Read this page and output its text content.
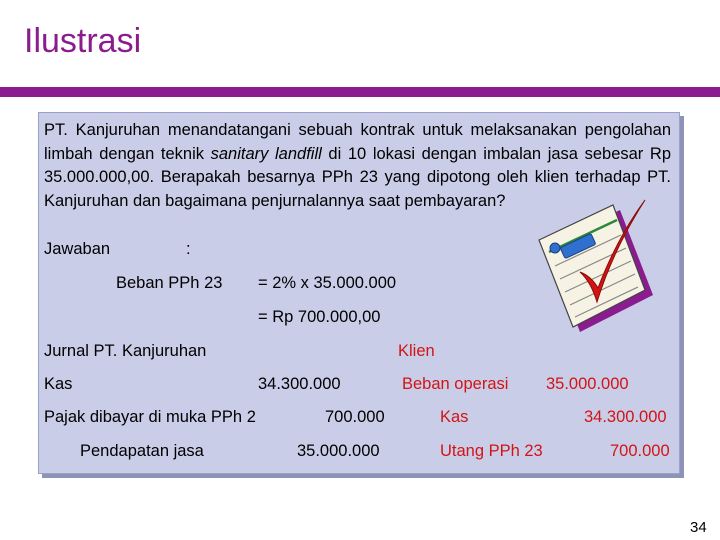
Ilustrasi
PT. Kanjuruhan menandatangani sebuah kontrak untuk melaksanakan pengolahan limbah dengan teknik sanitary landfill di 10 lokasi dengan imbalan jasa sebesar Rp 35.000.000,00. Berapakah besarnya PPh 23 yang dipotong oleh klien terhadap PT. Kanjuruhan dan bagaimana penjurnalannya saat pembayaran?
Jawaban	:
Beban PPh 23 = 2% x 35.000.000
= Rp 700.000,00
Jurnal PT. Kanjuruhan	Klien
Kas	34.300.000	Beban operasi 35.000.000
Pajak dibayar di muka PPh 2	700.000	Kas	34.300.000
Pendapatan jasa	35.000.000	Utang PPh 23	700.000
34
